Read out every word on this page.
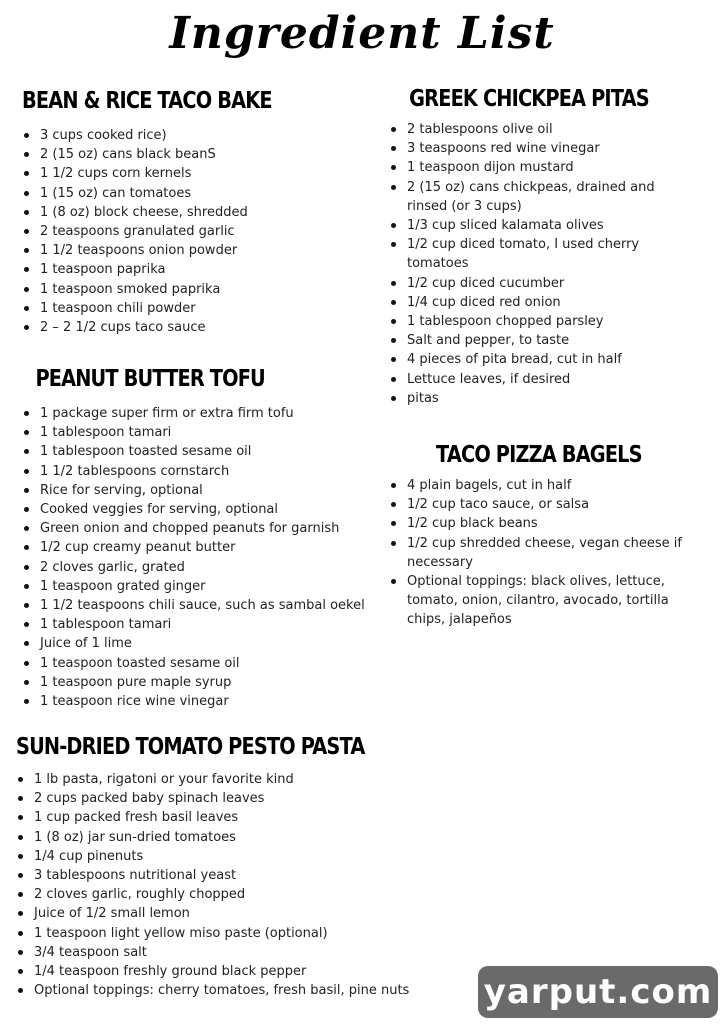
Ingredient List
BEAN & RICE TACO BAKE
3 cups cooked rice)
2 (15 oz) cans black beanS
1 1/2 cups corn kernels
1 (15 oz) can tomatoes
1 (8 oz) block cheese, shredded
2 teaspoons granulated garlic
1 1/2 teaspoons onion powder
1 teaspoon paprika
1 teaspoon smoked paprika
1 teaspoon chili powder
2 – 2 1/2 cups taco sauce
PEANUT BUTTER TOFU
1 package super firm or extra firm tofu
1 tablespoon tamari
1 tablespoon toasted sesame oil
1 1/2 tablespoons cornstarch
Rice for serving, optional
Cooked veggies for serving, optional
Green onion and chopped peanuts for garnish
1/2 cup creamy peanut butter
2 cloves garlic, grated
1 teaspoon grated ginger
1 1/2 teaspoons chili sauce, such as sambal oekel
1 tablespoon tamari
Juice of 1 lime
1 teaspoon toasted sesame oil
1 teaspoon pure maple syrup
1 teaspoon rice wine vinegar
SUN-DRIED TOMATO PESTO PASTA
1 lb pasta, rigatoni or your favorite kind
2 cups packed baby spinach leaves
1 cup packed fresh basil leaves
1 (8 oz) jar sun-dried tomatoes
1/4 cup pinenuts
3 tablespoons nutritional yeast
2 cloves garlic, roughly chopped
Juice of 1/2 small lemon
1 teaspoon light yellow miso paste (optional)
3/4 teaspoon salt
1/4 teaspoon freshly ground black pepper
Optional toppings: cherry tomatoes, fresh basil, pine nuts
GREEK CHICKPEA PITAS
2 tablespoons olive oil
3 teaspoons red wine vinegar
1 teaspoon dijon mustard
2 (15 oz) cans chickpeas, drained and rinsed (or 3 cups)
1/3 cup sliced kalamata olives
1/2 cup diced tomato, I used cherry tomatoes
1/2 cup diced cucumber
1/4 cup diced red onion
1 tablespoon chopped parsley
Salt and pepper, to taste
4 pieces of pita bread, cut in half
Lettuce leaves, if desired
pitas
TACO PIZZA BAGELS
4 plain bagels, cut in half
1/2 cup taco sauce, or salsa
1/2 cup black beans
1/2 cup shredded cheese, vegan cheese if necessary
Optional toppings: black olives, lettuce, tomato, onion, cilantro, avocado, tortilla chips, jalapeños
yarput.com
